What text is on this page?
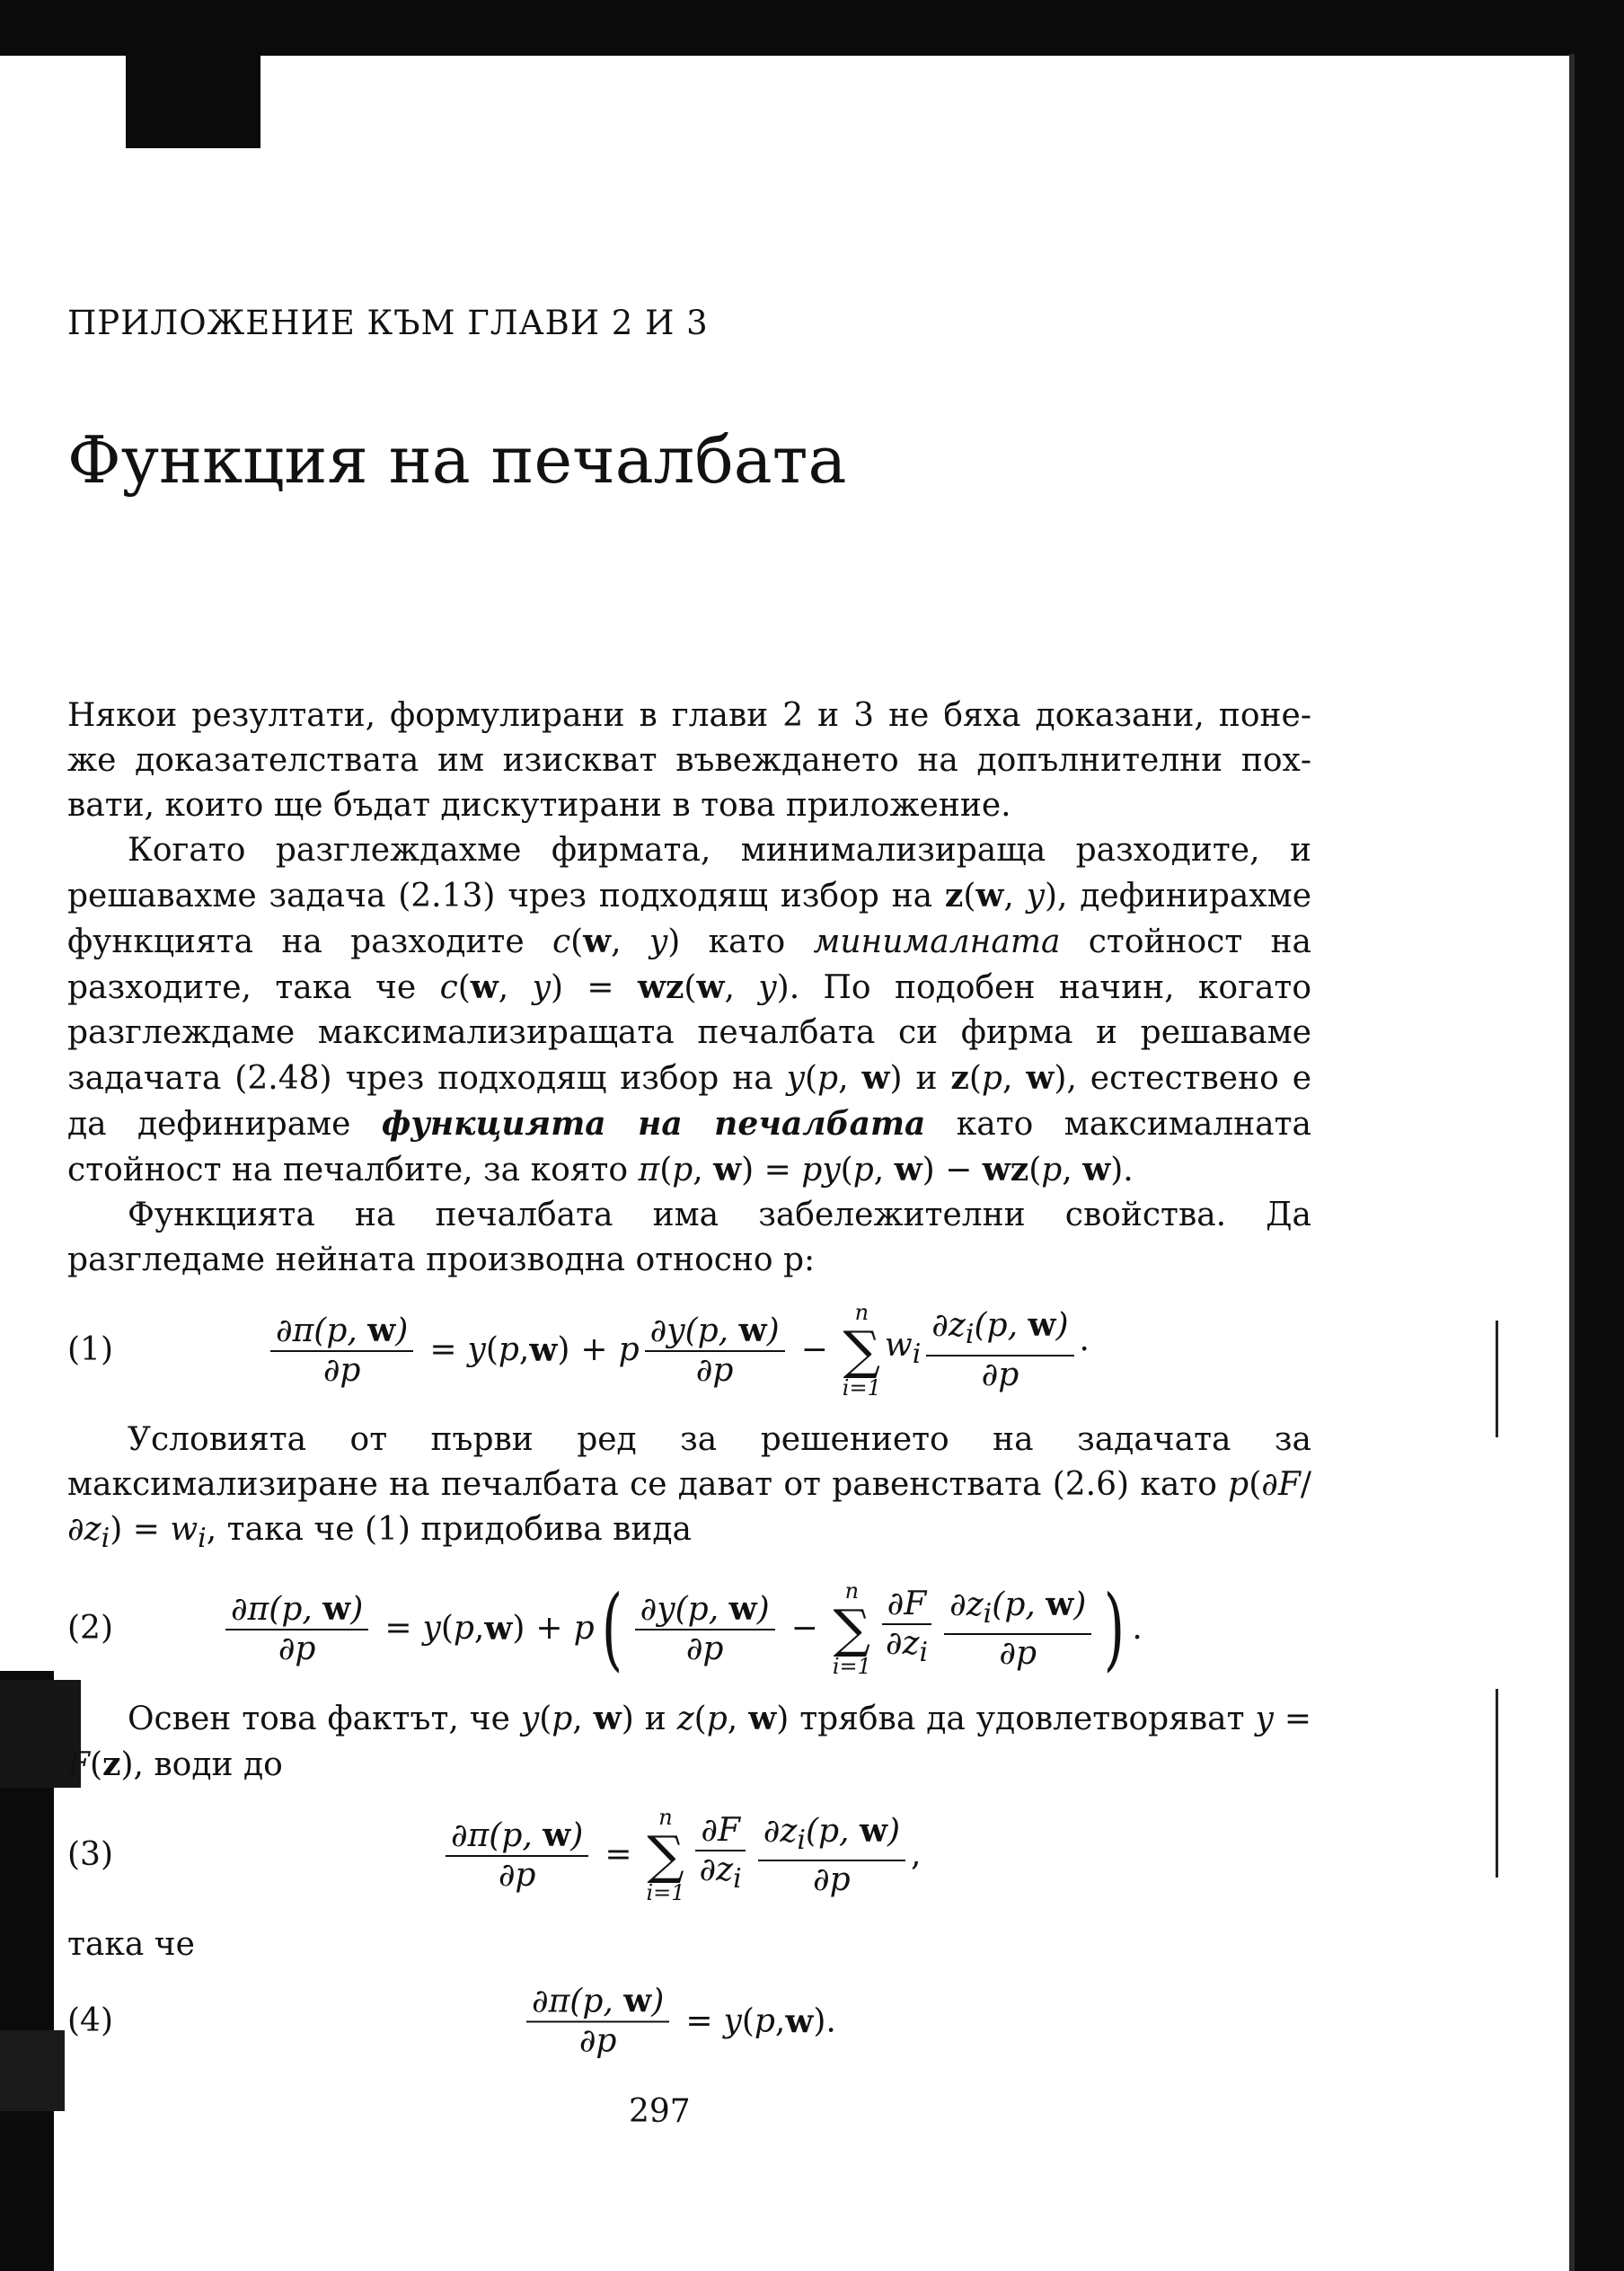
ПРИЛОЖЕНИЕ КЪМ ГЛАВИ 2 И 3
Функция на печалбата

Някои резултати, формулирани в глави 2 и 3 не бяха доказани, поне-же доказателствата им изискват въвеждането на допълнителни пох-вати, които ще бъдат дискутирани в това приложение.

Когато разглеждахме фирмата, минимализираща разходите, и решавахме задача (2.13) чрез подходящ избор на z(w, y), дефинирахме функцията на разходите c(w, y) като минималната стойност на разходите, така че c(w, y) = wz(w, y). По подобен начин, когато разглеждаме максимализиращата печалбата си фирма и решаваме задачата (2.48) чрез подходящ избор на y(p, w) и z(p, w), естествено е да дефинираме функцията на печалбата като максималната стойност на печалбите, за която π(p, w) = py(p, w) − wz(p, w).

Функцията на печалбата има забележителни свойства. Да разгледаме нейната производна относно p:

(1)	$\frac{\partial\pi(p, w)}{\partial p} = y$ ( p , w ) + p $\frac{\partial y(p, w)}{\partial p}$ −
n
∑
i=1
$w_i \frac{\partial z_i(p, w)}{\partial p}$ ·

Условията от първи ред за решението на задачата за максимализиране на печалбата се дават от равенствата (2.6) като $p(\partial F/\partial z_i) = w_i$, така че (1) придобива вида

(2)	$\frac{\partial\pi(p, w)}{\partial p} = y$ ( p , w ) + p ( $\frac{\partial y(p, w)}{\partial p}$ −
n
∑
$i=1 \frac{\partial F}{\partial z_i} \frac{\partial z_i(p, w)}{\partial p}$ ) .

Освен това фактът, че y(p, w) и z(p, w) трябва да удовлетворяват y = F(z), води до

(3)	$\frac{\partial\pi(p, w)}{\partial p}$ =
n
∑
$i=1 \frac{\partial F}{\partial z_i} \frac{\partial z_i(p, w)}{\partial p}$ ,

така че

(4)	$\frac{\partial\pi(p, w)}{\partial p} = y$ ( p , w ).
297
